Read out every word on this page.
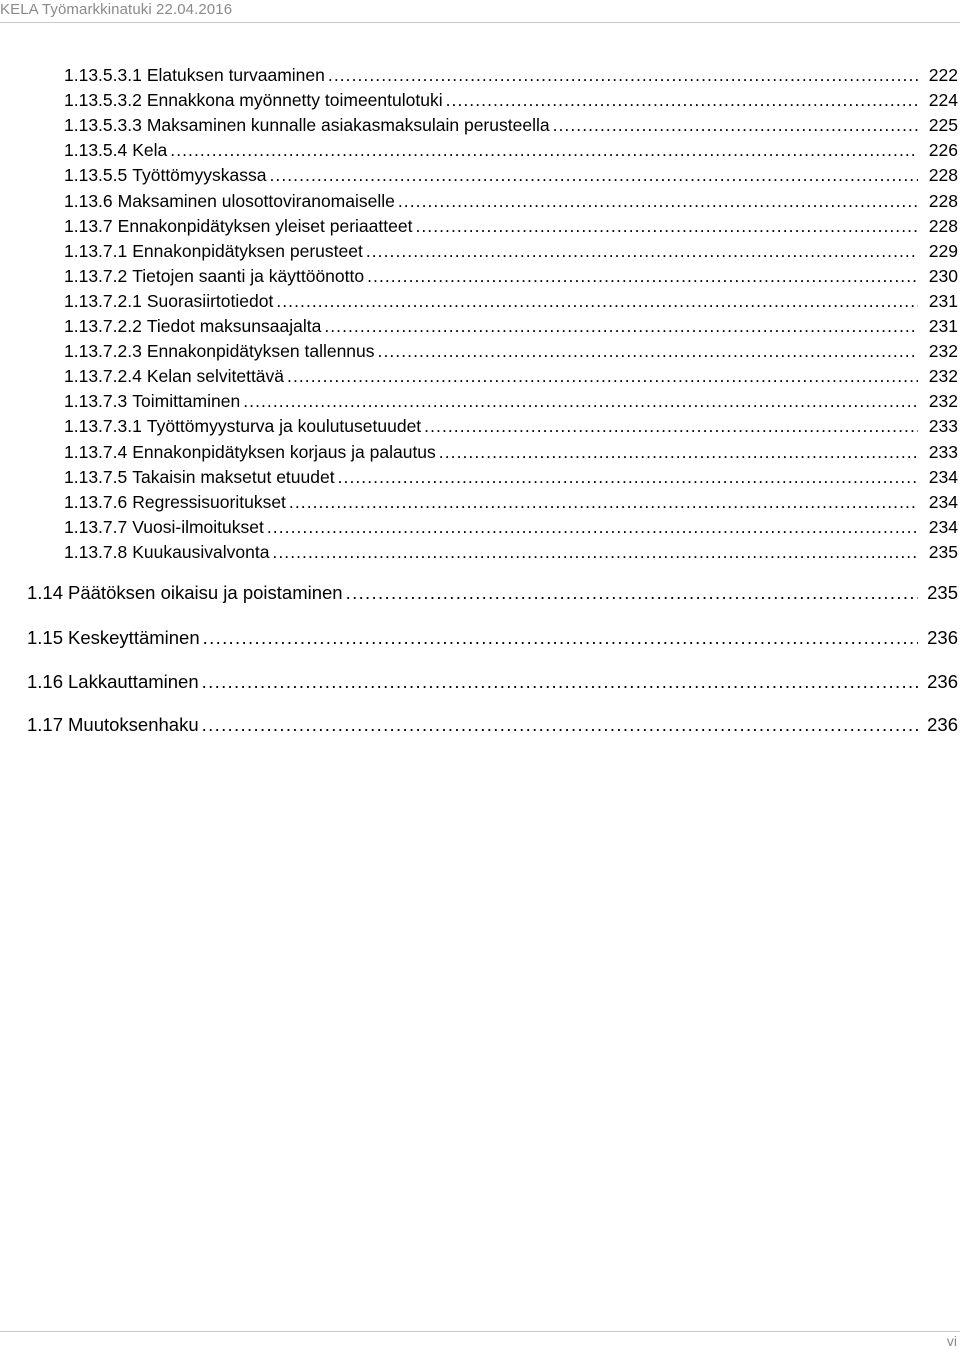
KELA Työmarkkinatuki 22.04.2016
1.13.5.3.1 Elatuksen turvaaminen . . .	222
1.13.5.3.2 Ennakkona myönnetty toimeentulotuki . . .	224
1.13.5.3.3 Maksaminen kunnalle asiakasmaksulain perusteella . . .	225
1.13.5.4 Kela . . .	226
1.13.5.5 Työttömyyskassa . . .	228
1.13.6 Maksaminen ulosottoviranomaiselle . . .	228
1.13.7 Ennakonpidätyksen yleiset periaatteet . . .	228
1.13.7.1 Ennakonpidätyksen perusteet . . .	229
1.13.7.2 Tietojen saanti ja käyttöönotto . . .	230
1.13.7.2.1 Suorasiirtotiedot . . .	231
1.13.7.2.2 Tiedot maksunsaajalta . . .	231
1.13.7.2.3 Ennakonpidätyksen tallennus . . .	232
1.13.7.2.4 Kelan selvitettävä . . .	232
1.13.7.3 Toimittaminen . . .	232
1.13.7.3.1 Työttömyysturva ja koulutusetuudet . . .	233
1.13.7.4 Ennakonpidätyksen korjaus ja palautus . . .	233
1.13.7.5 Takaisin maksetut etuudet . . .	234
1.13.7.6 Regressisuoritukset . . .	234
1.13.7.7 Vuosi-ilmoitukset . . .	234
1.13.7.8 Kuukausivalvonta . . .	235
1.14 Päätöksen oikaisu ja poistaminen . . .	235
1.15 Keskeyttäminen . . .	236
1.16 Lakkauttaminen . . .	236
1.17 Muutoksenhaku . . .	236
vi
